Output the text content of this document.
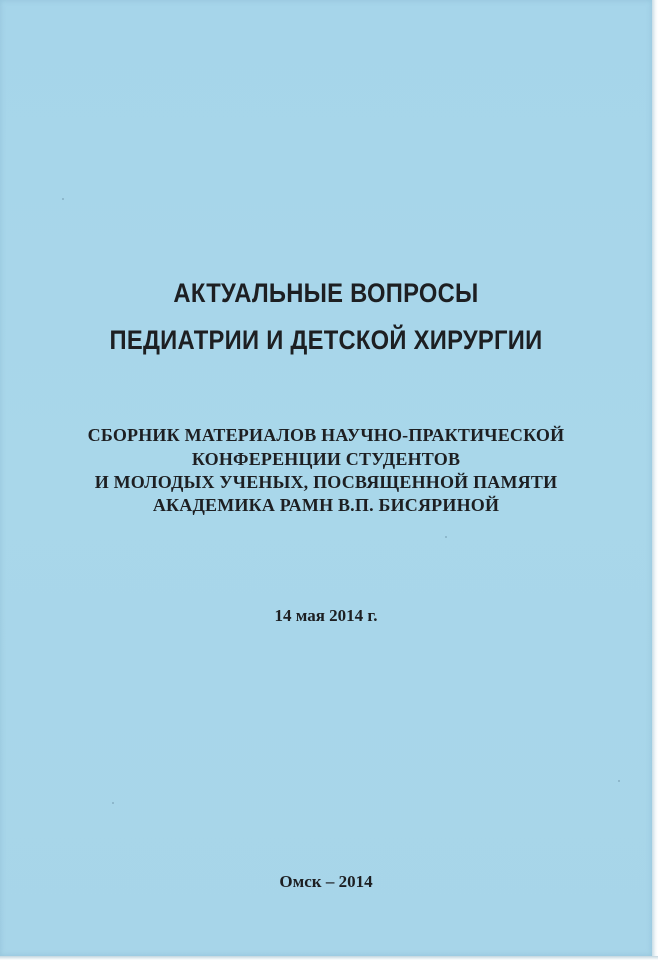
АКТУАЛЬНЫЕ ВОПРОСЫ
ПЕДИАТРИИ И ДЕТСКОЙ ХИРУРГИИ
СБОРНИК МАТЕРИАЛОВ НАУЧНО-ПРАКТИЧЕСКОЙ
КОНФЕРЕНЦИИ СТУДЕНТОВ
И МОЛОДЫХ УЧЕНЫХ, ПОСВЯЩЕННОЙ ПАМЯТИ
АКАДЕМИКА РАМН В.П. БИСЯРИНОЙ
14 мая 2014 г.
Омск – 2014
